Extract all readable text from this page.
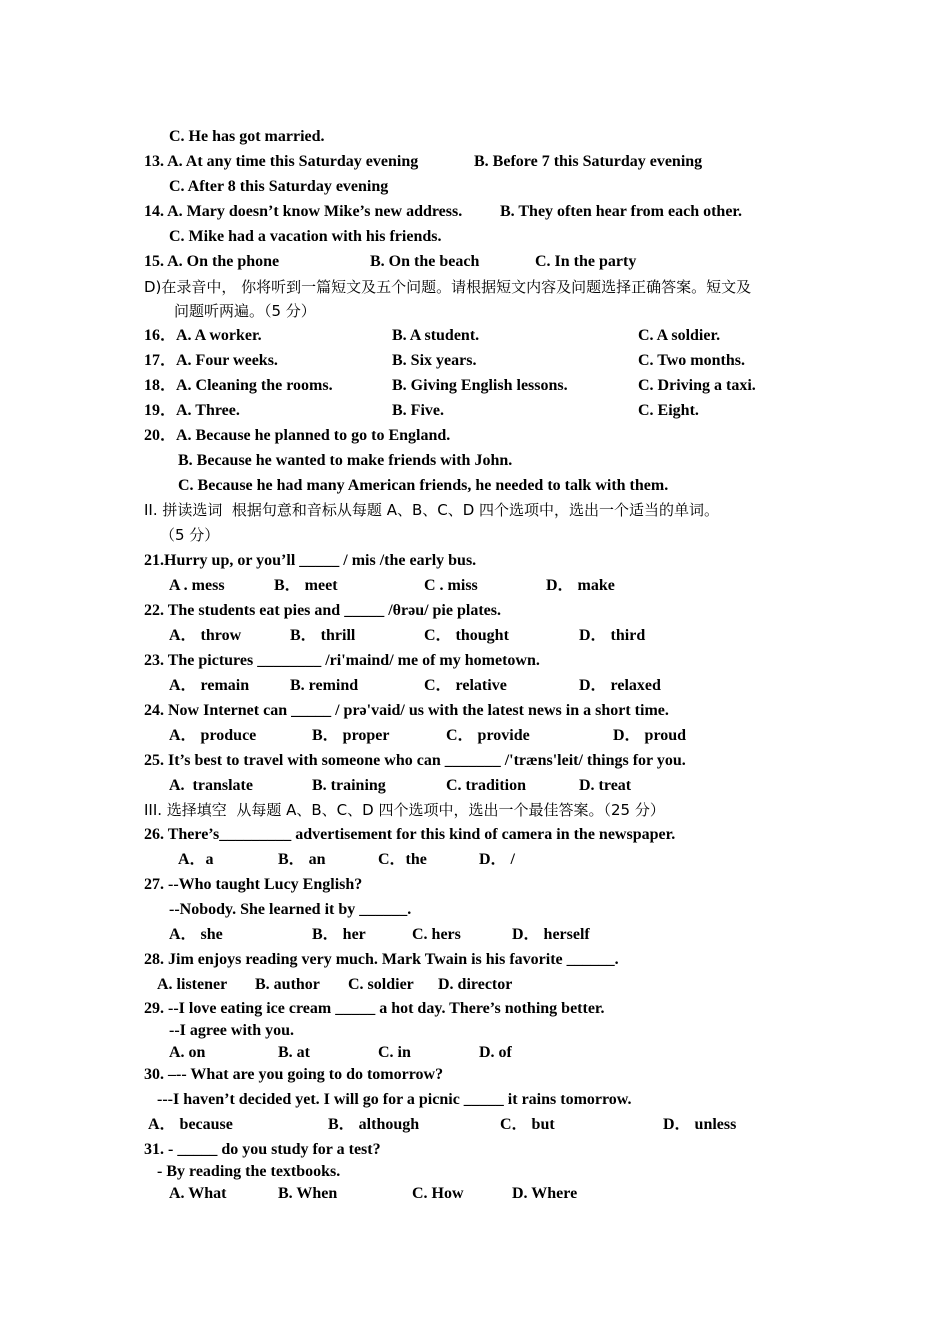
C. He has got married.
13. A. At any time this Saturday evening	B. Before 7 this Saturday evening
C. After 8 this Saturday evening
14. A. Mary doesn’t know Mike’s new address. B. They often hear from each other.
C. Mike had a vacation with his friends.
15. A. On the phone	B. On the beach	C. In the party
D)在录音中， 你将听到一篇短文及五个问题。请根据短文内容及问题选择正确答案。短文及
问题听两遍。（5 分）
16．A. A worker.	B. A student.	C. A soldier.
17．A. Four weeks.	B. Six years.	C. Two months.
18．A. Cleaning the rooms.	B. Giving English lessons.	C. Driving a taxi.
19．A. Three.	B. Five.	C. Eight.
20．A. Because he planned to go to England.
B. Because he wanted to make friends with John.
C. Because he had many American friends, he needed to talk with them.
II. 拼读选词  根据句意和音标从每题 A、B、C、D 四个选项中，选出一个适当的单词。
（5 分）
21.Hurry up, or you’ll _____ / mis /the early bus.
A . mess	B． meet	C . miss	D． make
22. The students eat pies and _____ /θrəu/ pie plates.
A． throw	B． thrill	C． thought	D． third
23. The pictures ________ /ri'maind/ me of my hometown.
A． remain	B. remind	C． relative	D． relaxed
24. Now Internet can _____ / prə'vaid/ us with the latest news in a short time.
A． produce	B． proper	C． provide	D． proud
25. It’s best to travel with someone who can _______ /'træns'leit/ things for you.
A.  translate	B. training	C. tradition	D. treat
III. 选择填空  从每题 A、B、C、D 四个选项中，选出一个最佳答案。（25 分）
26. There’s_________ advertisement for this kind of camera in the newspaper.
A．a	B． an	C．the	D． /
27. --Who taught Lucy English?
--Nobody. She learned it by ______.
A． she	B． her	C. hers	D． herself
28. Jim enjoys reading very much. Mark Twain is his favorite ______.
A. listener B. author C. soldier D. director
29. --I love eating ice cream _____ a hot day. There’s nothing better.
--I agree with you.
A. on	B. at	C. in	D. of
30. –-- What are you going to do tomorrow?
---I haven’t decided yet. I will go for a picnic _____ it rains tomorrow.
A． because	B． although	C． but	D． unless
31. - _____ do you study for a test?
- By reading the textbooks.
A. What	B. When	C. How	D. Where
